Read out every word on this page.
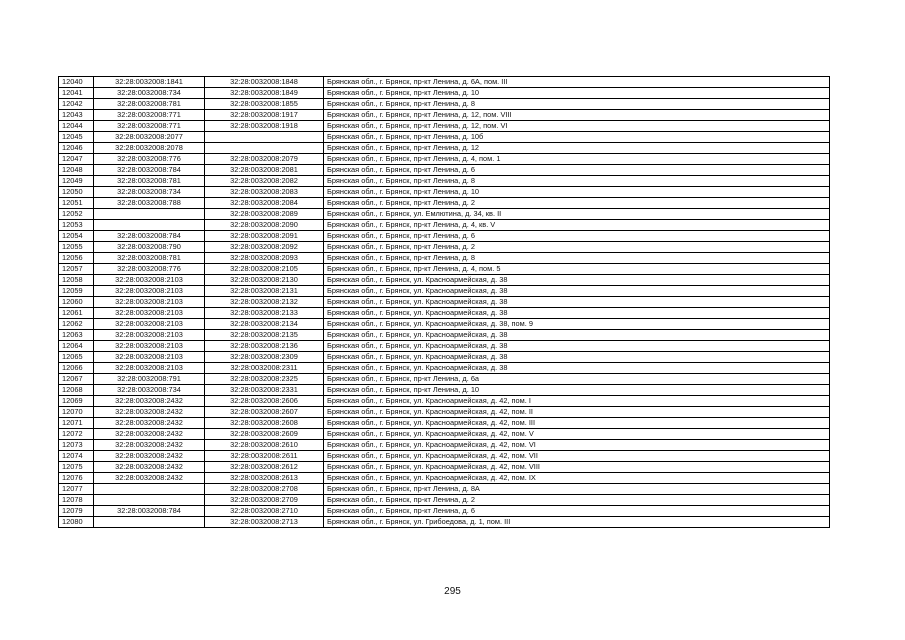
12040	32:28:0032008:1841	32:28:0032008:1848	Брянская обл., г. Брянск, пр-кт Ленина, д. 6А, пом. III
12041	32:28:0032008:734	32:28:0032008:1849	Брянская обл., г. Брянск, пр-кт Ленина, д. 10
12042	32:28:0032008:781	32:28:0032008:1855	Брянская обл., г. Брянск, пр-кт Ленина, д. 8
12043	32:28:0032008:771	32:28:0032008:1917	Брянская обл., г. Брянск, пр-кт Ленина, д. 12, пом. VIII
12044	32:28:0032008:771	32:28:0032008:1918	Брянская обл., г. Брянск, пр-кт Ленина, д. 12, пом. VI
12045	32:28:0032008:2077		Брянская обл., г. Брянск, пр-кт Ленина, д. 10б
12046	32:28:0032008:2078		Брянская обл., г. Брянск, пр-кт Ленина, д. 12
12047	32:28:0032008:776	32:28:0032008:2079	Брянская обл., г. Брянск, пр-кт Ленина, д. 4, пом. 1
12048	32:28:0032008:784	32:28:0032008:2081	Брянская обл., г. Брянск, пр-кт Ленина, д. 6
12049	32:28:0032008:781	32:28:0032008:2082	Брянская обл., г. Брянск, пр-кт Ленина, д. 8
12050	32:28:0032008:734	32:28:0032008:2083	Брянская обл., г. Брянск, пр-кт Ленина, д. 10
12051	32:28:0032008:788	32:28:0032008:2084	Брянская обл., г. Брянск, пр-кт Ленина, д. 2
12052		32:28:0032008:2089	Брянская обл., г. Брянск, ул. Емлютина, д. 34, кв. II
12053		32:28:0032008:2090	Брянская обл., г. Брянск, пр-кт Ленина, д. 4, кв. V
12054	32:28:0032008:784	32:28:0032008:2091	Брянская обл., г. Брянск, пр-кт Ленина, д. 6
12055	32:28:0032008:790	32:28:0032008:2092	Брянская обл., г. Брянск, пр-кт Ленина, д. 2
12056	32:28:0032008:781	32:28:0032008:2093	Брянская обл., г. Брянск, пр-кт Ленина, д. 8
12057	32:28:0032008:776	32:28:0032008:2105	Брянская обл., г. Брянск, пр-кт Ленина, д. 4, пом. 5
12058	32:28:0032008:2103	32:28:0032008:2130	Брянская обл., г. Брянск, ул. Красноармейская, д. 38
12059	32:28:0032008:2103	32:28:0032008:2131	Брянская обл., г. Брянск, ул. Красноармейская, д. 38
12060	32:28:0032008:2103	32:28:0032008:2132	Брянская обл., г. Брянск, ул. Красноармейская, д. 38
12061	32:28:0032008:2103	32:28:0032008:2133	Брянская обл., г. Брянск, ул. Красноармейская, д. 38
12062	32:28:0032008:2103	32:28:0032008:2134	Брянская обл., г. Брянск, ул. Красноармейская, д. 38, пом. 9
12063	32:28:0032008:2103	32:28:0032008:2135	Брянская обл., г. Брянск, ул. Красноармейская, д. 38
12064	32:28:0032008:2103	32:28:0032008:2136	Брянская обл., г. Брянск, ул. Красноармейская, д. 38
12065	32:28:0032008:2103	32:28:0032008:2309	Брянская обл., г. Брянск, ул. Красноармейская, д. 38
12066	32:28:0032008:2103	32:28:0032008:2311	Брянская обл., г. Брянск, ул. Красноармейская, д. 38
12067	32:28:0032008:791	32:28:0032008:2325	Брянская обл., г. Брянск, пр-кт Ленина, д. 6а
12068	32:28:0032008:734	32:28:0032008:2331	Брянская обл., г. Брянск, пр-кт Ленина, д. 10
12069	32:28:0032008:2432	32:28:0032008:2606	Брянская обл., г. Брянск, ул. Красноармейская, д. 42, пом. I
12070	32:28:0032008:2432	32:28:0032008:2607	Брянская обл., г. Брянск, ул. Красноармейская, д. 42, пом. II
12071	32:28:0032008:2432	32:28:0032008:2608	Брянская обл., г. Брянск, ул. Красноармейская, д. 42, пом. III
12072	32:28:0032008:2432	32:28:0032008:2609	Брянская обл., г. Брянск, ул. Красноармейская, д. 42, пом. V
12073	32:28:0032008:2432	32:28:0032008:2610	Брянская обл., г. Брянск, ул. Красноармейская, д. 42, пом. VI
12074	32:28:0032008:2432	32:28:0032008:2611	Брянская обл., г. Брянск, ул. Красноармейская, д. 42, пом. VII
12075	32:28:0032008:2432	32:28:0032008:2612	Брянская обл., г. Брянск, ул. Красноармейская, д. 42, пом. VIII
12076	32:28:0032008:2432	32:28:0032008:2613	Брянская обл., г. Брянск, ул. Красноармейская, д. 42, пом. IX
12077		32:28:0032008:2708	Брянская обл., г. Брянск, пр-кт Ленина, д. 8А
12078		32:28:0032008:2709	Брянская обл., г. Брянск, пр-кт Ленина, д. 2
12079	32:28:0032008:784	32:28:0032008:2710	Брянская обл., г. Брянск, пр-кт Ленина, д. 6
12080		32:28:0032008:2713	Брянская обл., г. Брянск, ул. Грибоедова, д. 1, пом. III
295
